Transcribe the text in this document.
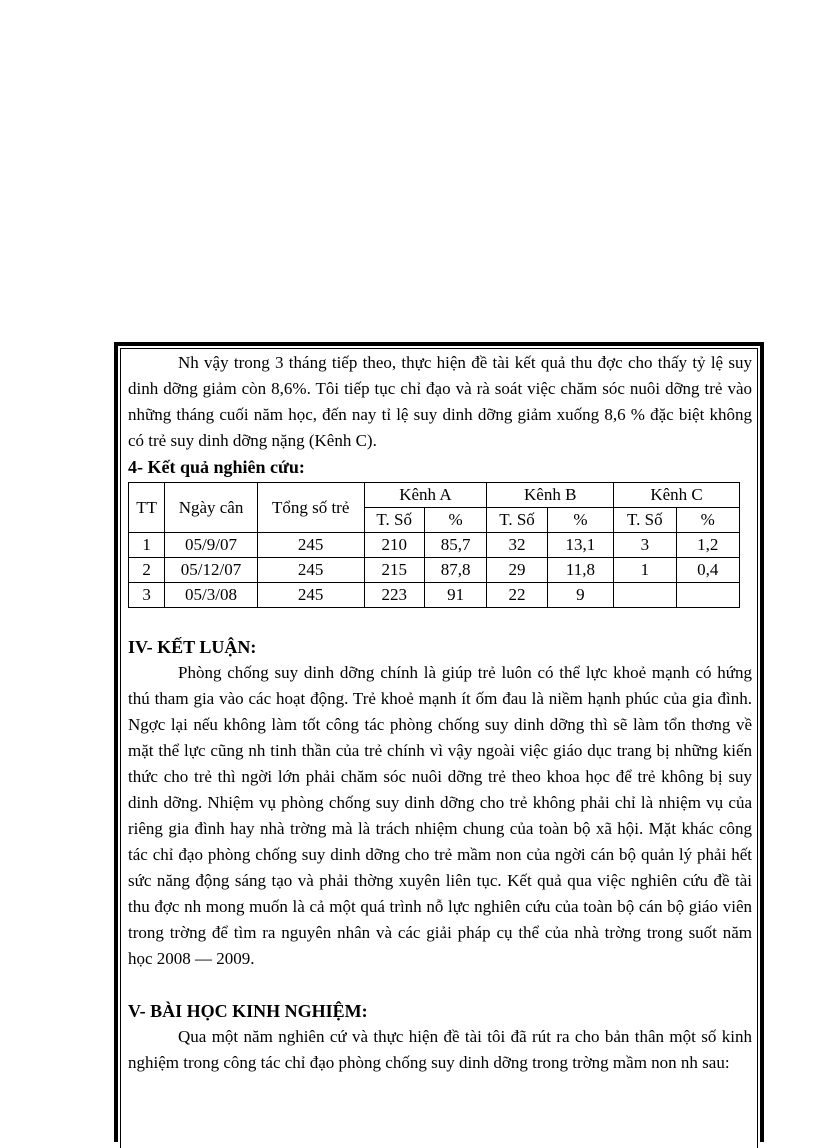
Nh vậy trong 3 tháng tiếp theo, thực hiện đề tài kết quả thu đợc cho thấy tỷ lệ suy dinh dỡng giảm còn 8,6%. Tôi tiếp tục chỉ đạo và rà soát việc chăm sóc nuôi dỡng trẻ vào những tháng cuối năm học, đến nay tỉ lệ suy dinh dỡng giảm xuống 8,6 % đặc biệt không có trẻ suy dinh dỡng nặng (Kênh C).

4- Kết quả nghiên cứu:
TT	Ngày cân	Tổng số trẻ	Kênh A		Kênh B		Kênh C	
			T. Số	%	T. Số	%	T. Số	%
1	05/9/07	245	210	85,7	32	13,1	3	1,2
2	05/12/07	245	215	87,8	29	11,8	1	0,4
3	05/3/08	245	223	91	22	9		
IV- KẾT LUẬN:

Phòng chống suy dinh dỡng chính là giúp trẻ luôn có thể lực khoẻ mạnh có hứng thú tham gia vào các hoạt động. Trẻ khoẻ mạnh ít ốm đau là niềm hạnh phúc của gia đình. Ngợc lại nếu không làm tốt công tác phòng chống suy dinh dỡng thì sẽ làm tổn thơng về mặt thể lực cũng nh tinh thần của trẻ chính vì vậy ngoài việc giáo dục trang bị những kiến thức cho trẻ thì ngời lớn phải chăm sóc nuôi dỡng trẻ theo khoa học để trẻ không bị suy dinh dỡng. Nhiệm vụ phòng chống suy dinh dỡng cho trẻ không phải chỉ là nhiệm vụ của riêng gia đình hay nhà trờng mà là trách nhiệm chung của toàn bộ xã hội. Mặt khác công tác chỉ đạo phòng chống suy dinh dỡng cho trẻ mầm non của ngời cán bộ quản lý phải hết sức năng động sáng tạo và phải thờng xuyên liên tục. Kết quả qua việc nghiên cứu đề tài thu đợc nh mong muốn là cả một quá trình nỗ lực nghiên cứu của toàn bộ cán bộ giáo viên trong trờng để tìm ra nguyên nhân và các giải pháp cụ thể của nhà trờng trong suốt năm học 2008 — 2009.

V- BÀI HỌC KINH NGHIỆM:

Qua một năm nghiên cứ và thực hiện đề tài tôi đã rút ra cho bản thân một số kinh nghiệm trong công tác chỉ đạo phòng chống suy dinh dỡng trong trờng mầm non nh sau:
